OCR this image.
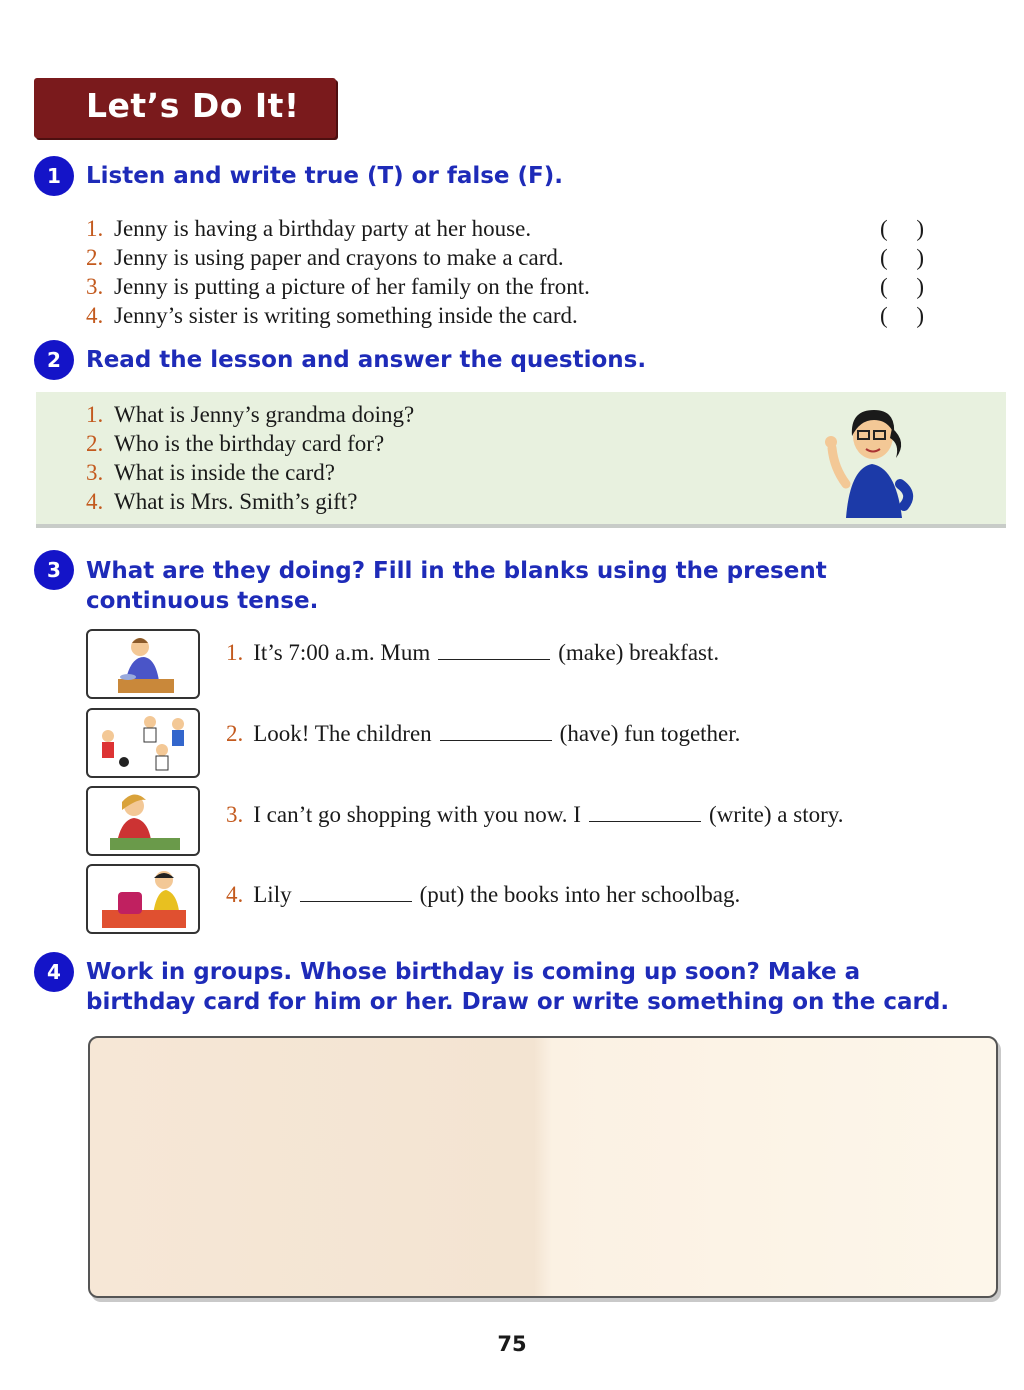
Let’s Do It!
1	Listen and write true (T) or false (F).
1. Jenny is having a birthday party at her house.	(     )
2. Jenny is using paper and crayons to make a card.	(     )
3. Jenny is putting a picture of her family on the front.	(     )
4. Jenny’s sister is writing something inside the card.	(     )
2	Read the lesson and answer the questions.
1. What is Jenny’s grandma doing?
2. Who is the birthday card for?
3. What is inside the card?
4. What is Mrs. Smith’s gift?
3	What are they doing? Fill in the blanks using the present
continuous tense.
1. It’s 7:00 a.m. Mum	(make) breakfast.
2. Look! The children	(have) fun together.
3. I can’t go shopping with you now. I	(write) a story.
4. Lily	(put) the books into her schoolbag.
4	Work in groups. Whose birthday is coming up soon? Make a
birthday card for him or her. Draw or write something on the card.
75
